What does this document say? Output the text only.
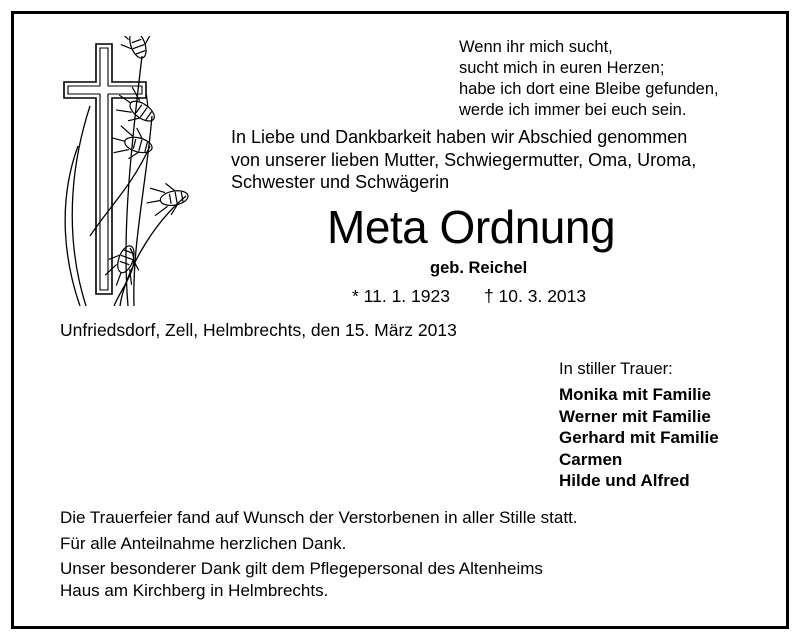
Wenn ihr mich sucht,
sucht mich in euren Herzen;
habe ich dort eine Bleibe gefunden,
werde ich immer bei euch sein.
In Liebe und Dankbarkeit haben wir Abschied genommen
von unserer lieben Mutter, Schwiegermutter, Oma, Uroma,
Schwester und Schwägerin
Meta Ordnung
geb. Reichel
* 11. 1. 1923 † 10. 3. 2013
Unfriedsdorf, Zell, Helmbrechts, den 15. März 2013
In stiller Trauer:
Monika mit Familie
Werner mit Familie
Gerhard mit Familie
Carmen
Hilde und Alfred
Die Trauerfeier fand auf Wunsch der Verstorbenen in aller Stille statt.
Für alle Anteilnahme herzlichen Dank.
Unser besonderer Dank gilt dem Pflegepersonal des Altenheims
Haus am Kirchberg in Helmbrechts.
